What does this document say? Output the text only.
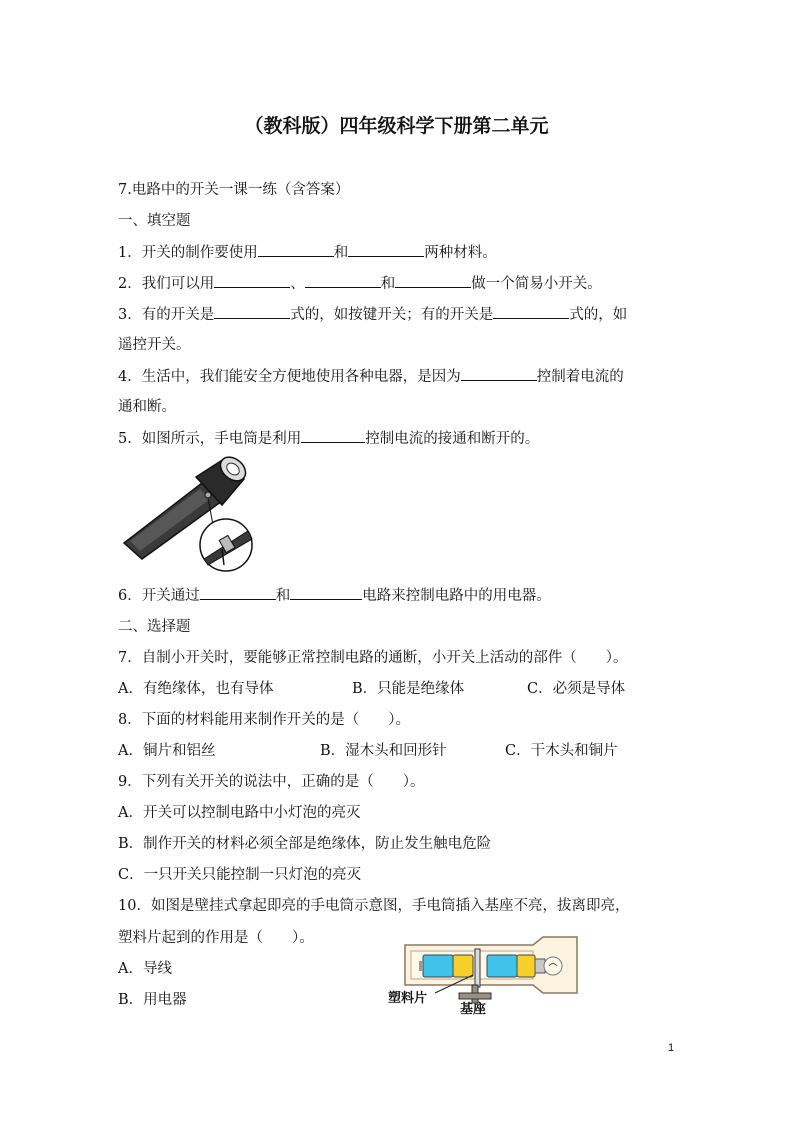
（教科版）四年级科学下册第二单元
7.电路中的开关一课一练（含答案）
一、填空题
1．开关的制作要使用	和	两种材料。
2．我们可以用	、	和	做一个简易小开关。
3．有的开关是	式的，如按键开关；有的开关是	式的，如
遥控开关。
4．生活中，我们能安全方便地使用各种电器，是因为	控制着电流的
通和断。
5．如图所示，手电筒是利用	控制电流的接通和断开的。
6．开关通过	和	电路来控制电路中的用电器。
二、选择题
7．自制小开关时，要能够正常控制电路的通断，小开关上活动的部件（　　）。
A．有绝缘体，也有导体	B．只能是绝缘体	C．必须是导体
8．下面的材料能用来制作开关的是（　　）。
A．铜片和铝丝	B．湿木头和回形针	C．干木头和铜片
9．下列有关开关的说法中，正确的是（　　）。
A．开关可以控制电路中小灯泡的亮灭
B．制作开关的材料必须全部是绝缘体，防止发生触电危险
C．一只开关只能控制一只灯泡的亮灭
10．如图是壁挂式拿起即亮的手电筒示意图，手电筒插入基座不亮，拔离即亮，
塑料片起到的作用是（　　）。
A．导线
B．用电器	塑料片
基座
1
